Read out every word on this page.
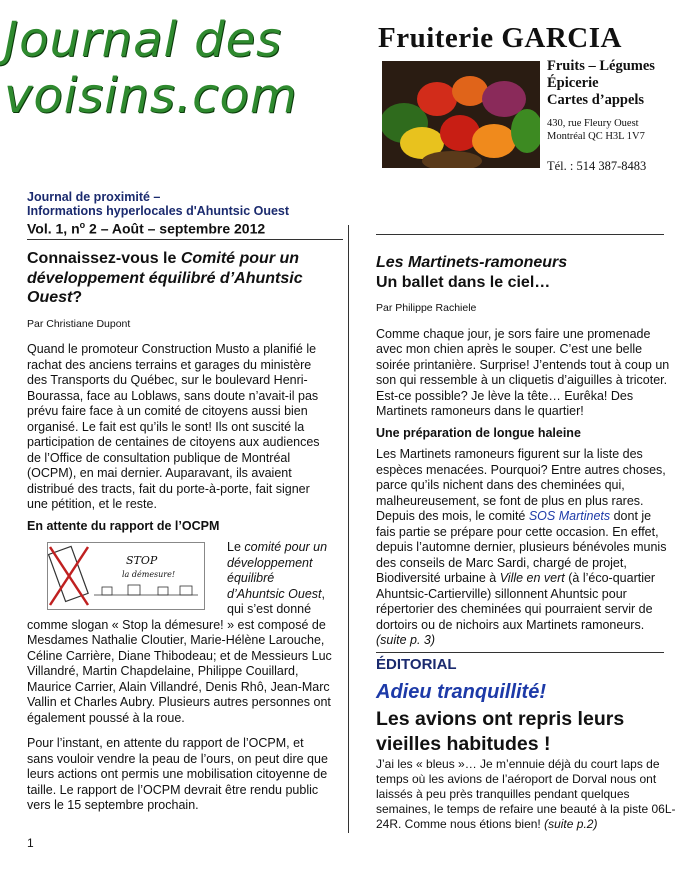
Journal des
voisins.com
Fruiterie GARCIA
Fruits – Légumes
Épicerie
Cartes d’appels
430, rue Fleury Ouest
Montréal QC H3L 1V7
Tél. : 514 387-8483
Journal de proximité –
Informations hyperlocales d'Ahuntsic Ouest
Vol. 1, $n^o$ 2 – Août – septembre 2012
Connaissez-vous le Comité pour un développement équilibré d’Ahuntsic Ouest?
Par Christiane Dupont

Quand le promoteur Construction Musto a planifié le rachat des anciens terrains et garages du ministère des Transports du Québec, sur le boulevard Henri-Bourassa, face au Loblaws, sans doute n’avait-il pas prévu faire face à un comité de citoyens aussi bien organisé. Le fait est qu’ils le sont! Ils ont suscité la participation de centaines de citoyens aux audiences de l’Office de consultation publique de Montréal (OCPM), en mai dernier. Auparavant, ils avaient distribué des tracts, fait du porte-à-porte, fait signer une pétition, et le reste.

En attente du rapport de l’OCPM
STOP
la démesure!
Le comité pour un développement équilibré d’Ahuntsic Ouest, qui s’est donné comme slogan « Stop la démesure! » est composé de Mesdames Nathalie Cloutier, Marie-Hélène Larouche, Céline Carrière, Diane Thibodeau; et de Messieurs Luc Villandré, Martin Chapdelaine, Philippe Couillard, Maurice Carrier, Alain Villandré, Denis Rhô, Jean-Marc Vallin et Charles Aubry. Plusieurs autres personnes ont également poussé à la roue.

Pour l’instant, en attente du rapport de l’OCPM, et sans vouloir vendre la peau de l’ours, on peut dire que leurs actions ont permis une mobilisation citoyenne de taille. Le rapport de l’OCPM devrait être rendu public vers le 15 septembre prochain.

Les Martinets-ramoneurs
Un ballet dans le ciel…
Par Philippe Rachiele

Comme chaque jour, je sors faire une promenade avec mon chien après le souper. C’est une belle soirée printanière. Surprise! J’entends tout à coup un son qui ressemble à un cliquetis d’aiguilles à tricoter. Est-ce possible? Je lève la tête… Eurêka! Des Martinets ramoneurs dans le quartier!

Une préparation de longue haleine

Les Martinets ramoneurs figurent sur la liste des espèces menacées. Pourquoi? Entre autres choses, parce qu’ils nichent dans des cheminées qui, malheureusement, se font de plus en plus rares. Depuis des mois, le comité SOS Martinets dont je fais partie se prépare pour cette occasion. En effet, depuis l’automne dernier, plusieurs bénévoles munis des conseils de Marc Sardi, chargé de projet, Biodiversité urbaine à Ville en vert (à l’éco-quartier Ahuntsic-Cartierville) sillonnent Ahuntsic pour répertorier des cheminées qui pourraient servir de dortoirs ou de nichoirs aux Martinets ramoneurs. (suite p. 3)

ÉDITORIAL
Adieu tranquillité!
Les avions ont repris leurs vieilles habitudes !
J’ai les « bleus »… Je m’ennuie déjà du court laps de temps où les avions de l’aéroport de Dorval nous ont laissés à peu près tranquilles pendant quelques semaines, le temps de refaire une beauté à la piste 06L-24R. Comme nous étions bien! (suite p.2)
1
